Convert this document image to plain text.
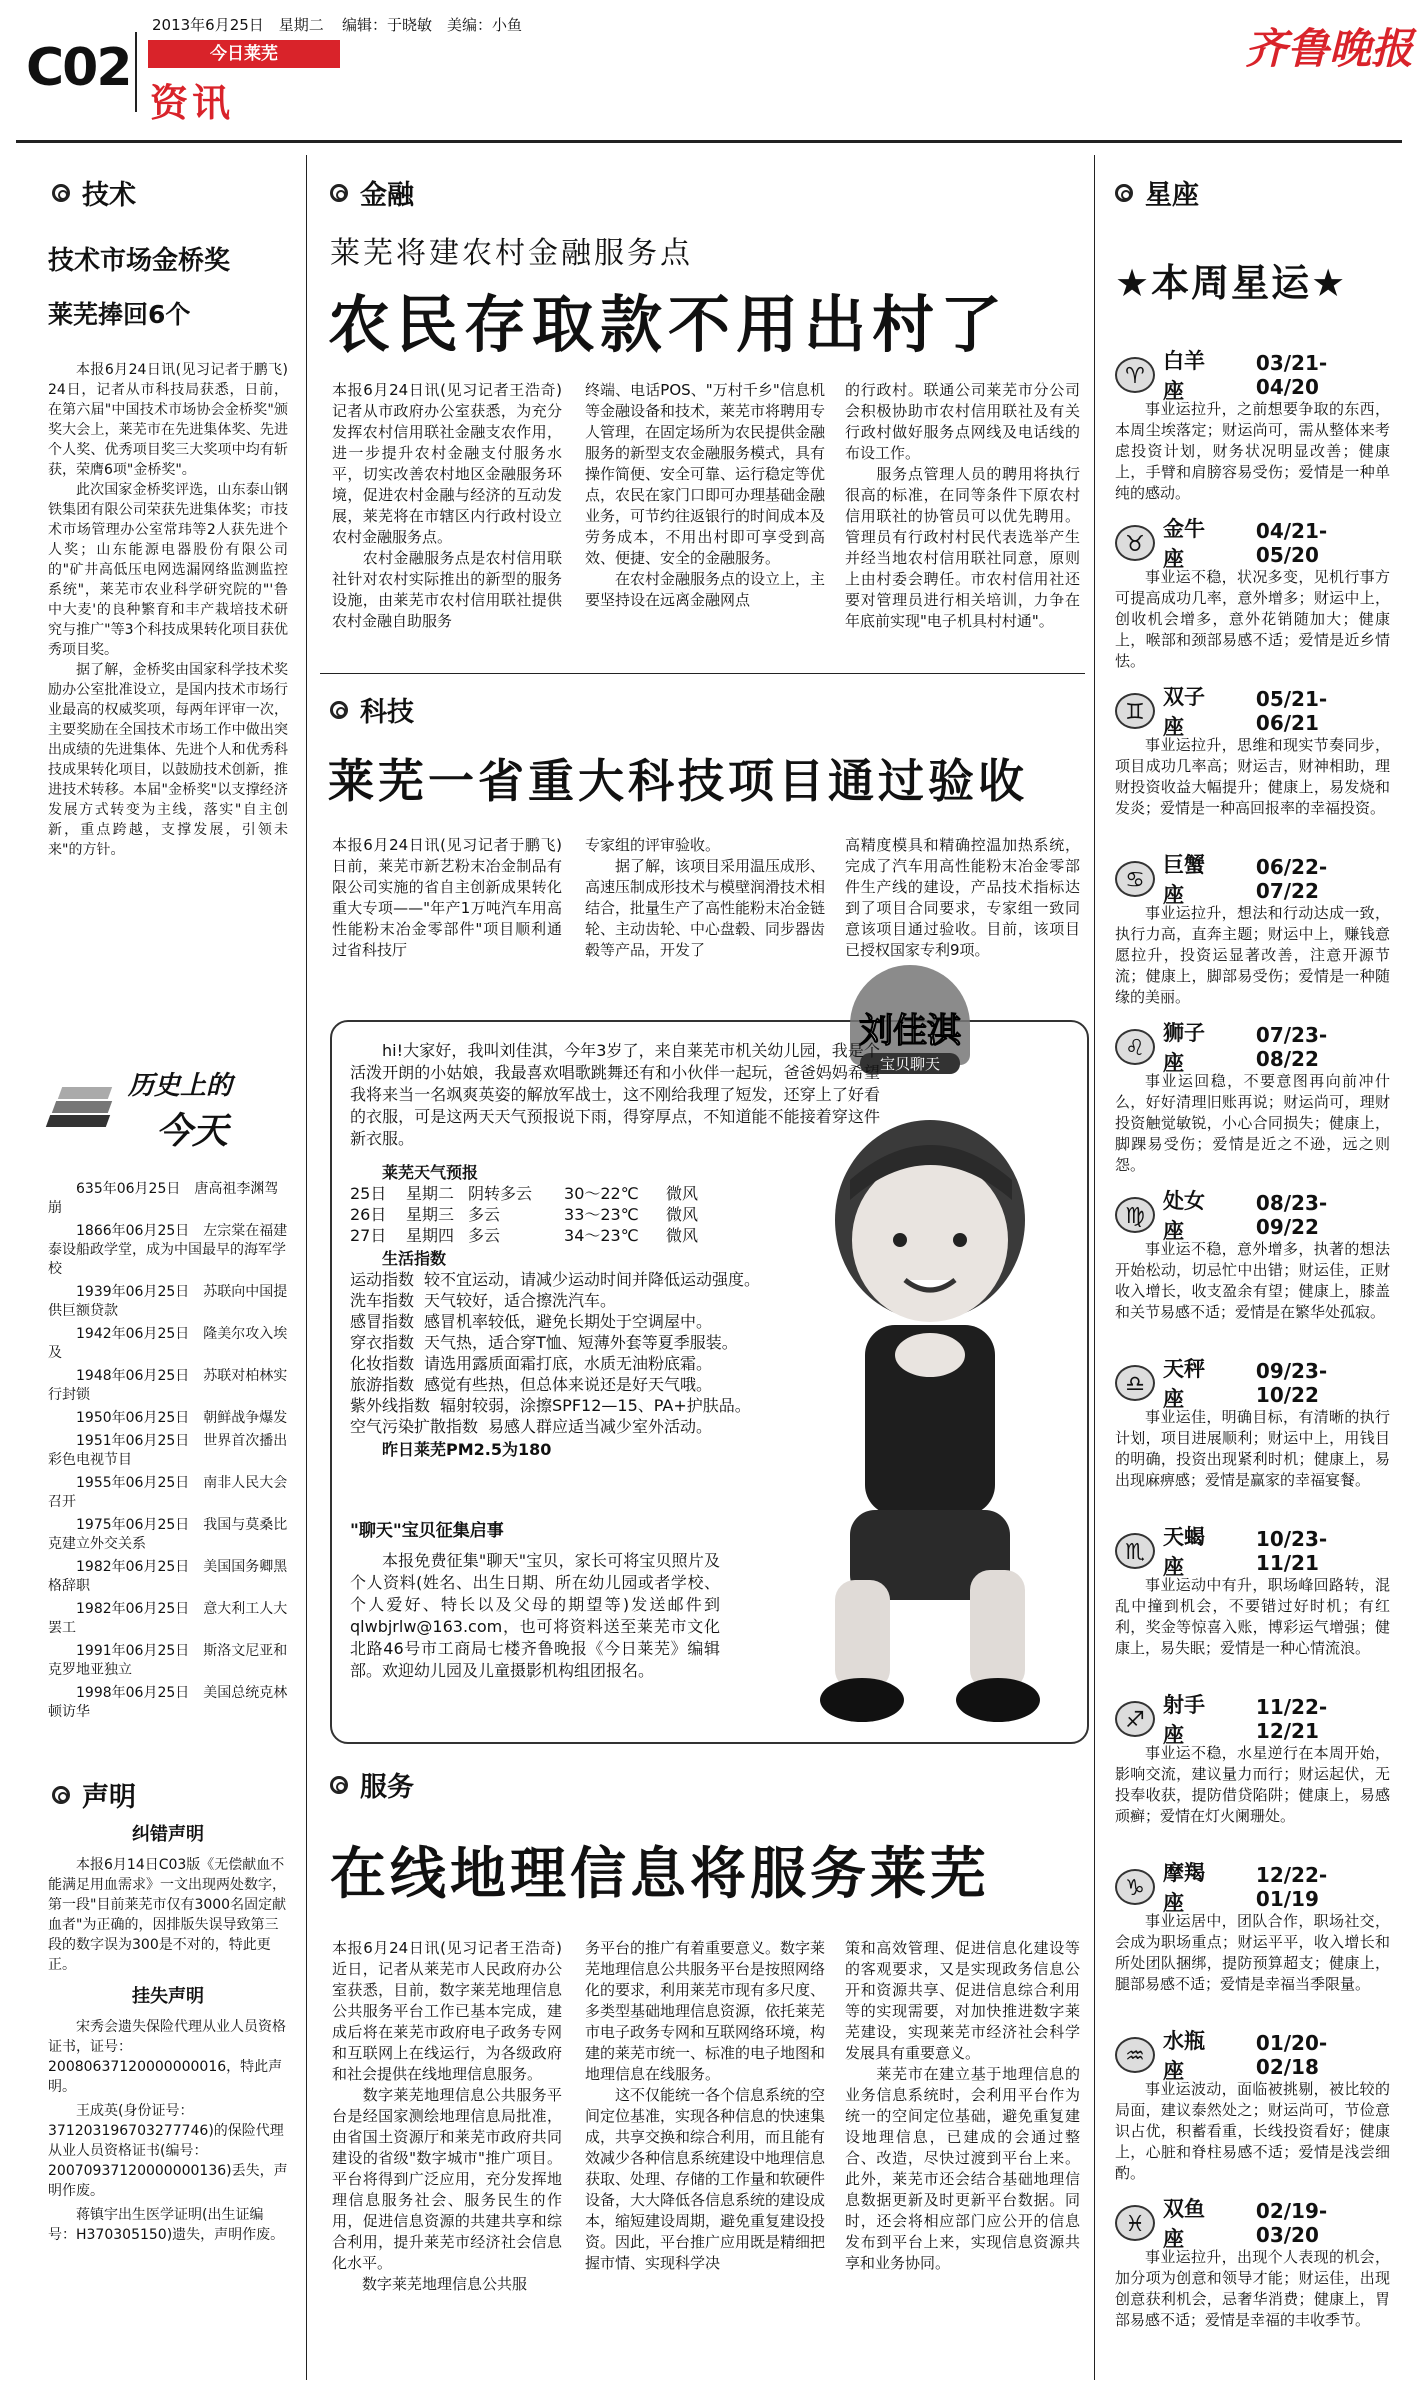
C02
2013年6月25日　星期二 编辑：于晓敏　美编：小鱼
今日莱芜
资讯
齐鲁晚报
技术
技术市场金桥奖
莱芜捧回6个

本报6月24日讯(见习记者于鹏飞) 24日，记者从市科技局获悉，日前，在第六届"中国技术市场协会金桥奖"颁奖大会上，莱芜市在先进集体奖、先进个人奖、优秀项目奖三大奖项中均有斩获，荣膺6项"金桥奖"。

此次国家金桥奖评选，山东泰山钢铁集团有限公司荣获先进集体奖；市技术市场管理办公室常玮等2人获先进个人奖；山东能源电器股份有限公司的"矿井高低压电网选漏网络监测监控系统"，莱芜市农业科学研究院的"'鲁中大麦'的良种繁育和丰产栽培技术研究与推广"等3个科技成果转化项目获优秀项目奖。

据了解，金桥奖由国家科学技术奖励办公室批准设立，是国内技术市场行业最高的权威奖项，每两年评审一次，主要奖励在全国技术市场工作中做出突出成绩的先进集体、先进个人和优秀科技成果转化项目，以鼓励技术创新，推进技术转移。本届"金桥奖"以支撑经济发展方式转变为主线，落实"自主创新，重点跨越，支撑发展，引领未来"的方针。

历史上的
今天

635年06月25日　唐高祖李渊驾崩

1866年06月25日　左宗棠在福建泰设船政学堂，成为中国最早的海军学校

1939年06月25日　苏联向中国提供巨额贷款

1942年06月25日　隆美尔攻入埃及

1948年06月25日　苏联对柏林实行封锁

1950年06月25日　朝鲜战争爆发

1951年06月25日　世界首次播出彩色电视节目

1955年06月25日　南非人民大会召开

1975年06月25日　我国与莫桑比克建立外交关系

1982年06月25日　美国国务卿黑格辞职

1982年06月25日　意大利工人大罢工

1991年06月25日　斯洛文尼亚和克罗地亚独立

1998年06月25日　美国总统克林顿访华

声明
纠错声明

本报6月14日C03版《无偿献血不能满足用血需求》一文出现两处数字，第一段"目前莱芜市仅有3000名固定献血者"为正确的，因排版失误导致第三段的数字误为300是不对的，特此更正。

挂失声明

宋秀会遗失保险代理从业人员资格证书，证号：20080637120000000016，特此声明。

王成英(身份证号：371203196703277746)的保险代理从业人员资格证书(编号：20070937120000000136)丢失，声明作废。

蒋镇宇出生医学证明(出生证编号：H370305150)遗失，声明作废。

金融
莱芜将建农村金融服务点
农民存取款不用出村了
本报6月24日讯(见习记者王浩奇) 记者从市政府办公室获悉，为充分发挥农村信用联社金融支农作用，进一步提升农村金融支付服务水平，切实改善农村地区金融服务环境，促进农村金融与经济的互动发展，莱芜将在市辖区内行政村设立农村金融服务点。
　　农村金融服务点是农村信用联社针对农村实际推出的新型的服务设施，由莱芜市农村信用联社提供农村金融自助服务
终端、电话POS、"万村千乡"信息机等金融设备和技术，莱芜市将聘用专人管理，在固定场所为农民提供金融服务的新型支农金融服务模式，具有操作简便、安全可靠、运行稳定等优点，农民在家门口即可办理基础金融业务，可节约往返银行的时间成本及劳务成本，不用出村即可享受到高效、便捷、安全的金融服务。
　　在农村金融服务点的设立上，主要坚持设在远离金融网点
的行政村。联通公司莱芜市分公司会积极协助市农村信用联社及有关行政村做好服务点网线及电话线的布设工作。
　　服务点管理人员的聘用将执行很高的标准，在同等条件下原农村信用联社的协管员可以优先聘用。管理员有行政村村民代表选举产生并经当地农村信用联社同意，原则上由村委会聘任。市农村信用社还要对管理员进行相关培训，力争在年底前实现"电子机具村村通"。
科技
莱芜一省重大科技项目通过验收
本报6月24日讯(见习记者于鹏飞) 日前，莱芜市新艺粉末冶金制品有限公司实施的省自主创新成果转化重大专项——"年产1万吨汽车用高性能粉末冶金零部件"项目顺利通过省科技厅
专家组的评审验收。
　　据了解，该项目采用温压成形、高速压制成形技术与模壁润滑技术相结合，批量生产了高性能粉末冶金链轮、主动齿轮、中心盘毂、同步器齿毂等产品，开发了
高精度模具和精确控温加热系统，完成了汽车用高性能粉末冶金零部件生产线的建设，产品技术指标达到了项目合同要求，专家组一致同意该项目通过验收。目前，该项目已授权国家专利9项。
刘佳淇
宝贝聊天
hi!大家好，我叫刘佳淇，今年3岁了，来自莱芜市机关幼儿园，我是个活泼开朗的小姑娘，我最喜欢唱歌跳舞还有和小伙伴一起玩，爸爸妈妈希望我将来当一名飒爽英姿的解放军战士，这不刚给我理了短发，还穿上了好看的衣服，可是这两天天气预报说下雨，得穿厚点，不知道能不能接着穿这件新衣服。
莱芜天气预报
25日	星期二 阴转多云	30～22℃	微风
26日	星期三 多云	33～23℃	微风
27日	星期四 多云	34～23℃	微风
生活指数
运动指数 较不宜运动，请减少运动时间并降低运动强度。
洗车指数 天气较好，适合擦洗汽车。
感冒指数 感冒机率较低，避免长期处于空调屋中。
穿衣指数 天气热，适合穿T恤、短薄外套等夏季服装。
化妆指数 请选用露质面霜打底，水质无油粉底霜。
旅游指数 感觉有些热，但总体来说还是好天气哦。
紫外线指数 辐射较弱，涂擦SPF12—15、PA+护肤品。
空气污染扩散指数 易感人群应适当减少室外活动。
昨日莱芜PM2.5为180
"聊天"宝贝征集启事
本报免费征集"聊天"宝贝，家长可将宝贝照片及个人资料(姓名、出生日期、所在幼儿园或者学校、个人爱好、特长以及父母的期望等)发送邮件到qlwbjrlw@163.com，也可将资料送至莱芜市文化北路46号市工商局七楼齐鲁晚报《今日莱芜》编辑部。欢迎幼儿园及儿童摄影机构组团报名。
服务
在线地理信息将服务莱芜
本报6月24日讯(见习记者王浩奇) 近日，记者从莱芜市人民政府办公室获悉，目前，数字莱芜地理信息公共服务平台工作已基本完成，建成后将在莱芜市政府电子政务专网和互联网上在线运行，为各级政府和社会提供在线地理信息服务。
　　数字莱芜地理信息公共服务平台是经国家测绘地理信息局批准，由省国土资源厅和莱芜市政府共同建设的省级"数字城市"推广项目。平台将得到广泛应用，充分发挥地理信息服务社会、服务民生的作用，促进信息资源的共建共享和综合利用，提升莱芜市经济社会信息化水平。
　　数字莱芜地理信息公共服
务平台的推广有着重要意义。数字莱芜地理信息公共服务平台是按照网络化的要求，利用莱芜市现有多尺度、多类型基础地理信息资源，依托莱芜市电子政务专网和互联网络环境，构建的莱芜市统一、标准的电子地图和地理信息在线服务。
　　这不仅能统一各个信息系统的空间定位基准，实现各种信息的快速集成，共享交换和综合利用，而且能有效减少各种信息系统建设中地理信息获取、处理、存储的工作量和软硬件设备，大大降低各信息系统的建设成本，缩短建设周期，避免重复建设投资。因此，平台推广应用既是精细把握市情、实现科学决
策和高效管理、促进信息化建设等的客观要求，又是实现政务信息公开和资源共享、促进信息综合利用等的实现需要，对加快推进数字莱芜建设，实现莱芜市经济社会科学发展具有重要意义。
　　莱芜市在建立基于地理信息的业务信息系统时，会利用平台作为统一的空间定位基础，避免重复建设地理信息，已建成的会通过整合、改造，尽快过渡到平台上来。此外，莱芜市还会结合基础地理信息数据更新及时更新平台数据。同时，还会将相应部门应公开的信息发布到平台上来，实现信息资源共享和业务协同。
星座
★本周星运★
♈
白羊座
03/21-04/20

事业运拉升，之前想要争取的东西，本周尘埃落定；财运尚可，需从整体来考虑投资计划，财务状况明显改善；健康上，手臂和肩膀容易受伤；爱情是一种单纯的感动。

♉
金牛座
04/21-05/20

事业运不稳，状况多变，见机行事方可提高成功几率，意外增多；财运中上，创收机会增多，意外花销随加大；健康上，喉部和颈部易感不适；爱情是近乡情怯。

♊
双子座
05/21-06/21

事业运拉升，思维和现实节奏同步，项目成功几率高；财运吉，财神相助，理财投资收益大幅提升；健康上，易发烧和发炎；爱情是一种高回报率的幸福投资。

♋
巨蟹座
06/22-07/22

事业运拉升，想法和行动达成一致，执行力高，直奔主题；财运中上，赚钱意愿拉升，投资运显著改善，注意开源节流；健康上，脚部易受伤；爱情是一种随缘的美丽。

♌
狮子座
07/23-08/22

事业运回稳，不要意图再向前冲什么，好好清理旧账再说；财运尚可，理财投资触觉敏锐，小心合同损失；健康上，脚踝易受伤；爱情是近之不逊，远之则怨。

♍
处女座
08/23-09/22

事业运不稳，意外增多，执著的想法开始松动，切忌忙中出错；财运佳，正财收入增长，收支盈余有望；健康上，膝盖和关节易感不适；爱情是在繁华处孤寂。

♎
天秤座
09/23-10/22

事业运佳，明确目标，有清晰的执行计划，项目进展顺利；财运中上，用钱目的明确，投资出现紧利时机；健康上，易出现麻痹感；爱情是赢家的幸福宴餐。

♏
天蝎座
10/23-11/21

事业运动中有升，职场峰回路转，混乱中撞到机会，不要错过好时机；有红利，奖金等惊喜入账，博彩运气增强；健康上，易失眠；爱情是一种心情流浪。

♐
射手座
11/22-12/21

事业运不稳，水星逆行在本周开始，影响交流，建议量力而行；财运起伏，无投奉收获，提防借贷陷阱；健康上，易感顽癣；爱情在灯火阑珊处。

♑
摩羯座
12/22-01/19

事业运居中，团队合作，职场社交，会成为职场重点；财运平平，收入增长和所处团队捆绑，提防预算超支；健康上，腿部易感不适；爱情是幸福当季限量。

♒
水瓶座
01/20-02/18

事业运波动，面临被挑剔，被比较的局面，建议泰然处之；财运尚可，节俭意识占优，积蓄看重，长线投资看好；健康上，心脏和脊柱易感不适；爱情是浅尝细酌。

♓
双鱼座
02/19-03/20

事业运拉升，出现个人表现的机会，加分项为创意和领导才能；财运佳，出现创意获利机会，忌奢华消费；健康上，胃部易感不适；爱情是幸福的丰收季节。
